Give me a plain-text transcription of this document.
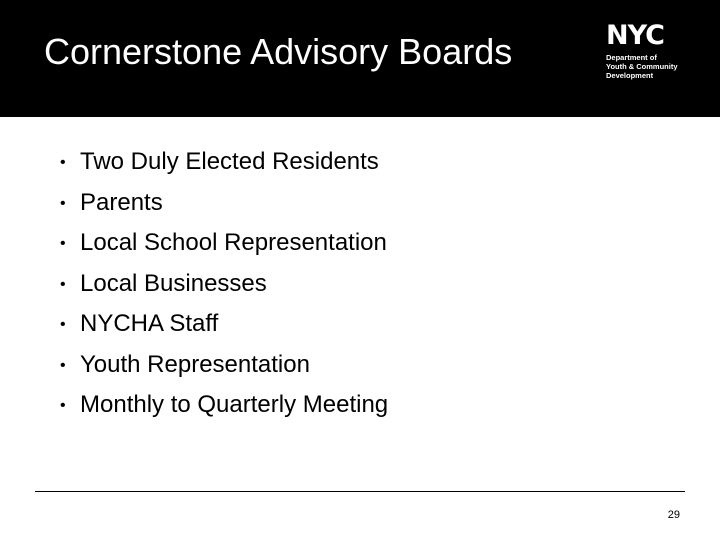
Cornerstone Advisory Boards	NYC
Department of
Youth & Community
Development
• Two Duly Elected Residents
• Parents
• Local School Representation
• Local Businesses
• NYCHA Staff
• Youth Representation
• Monthly to Quarterly Meeting
29
